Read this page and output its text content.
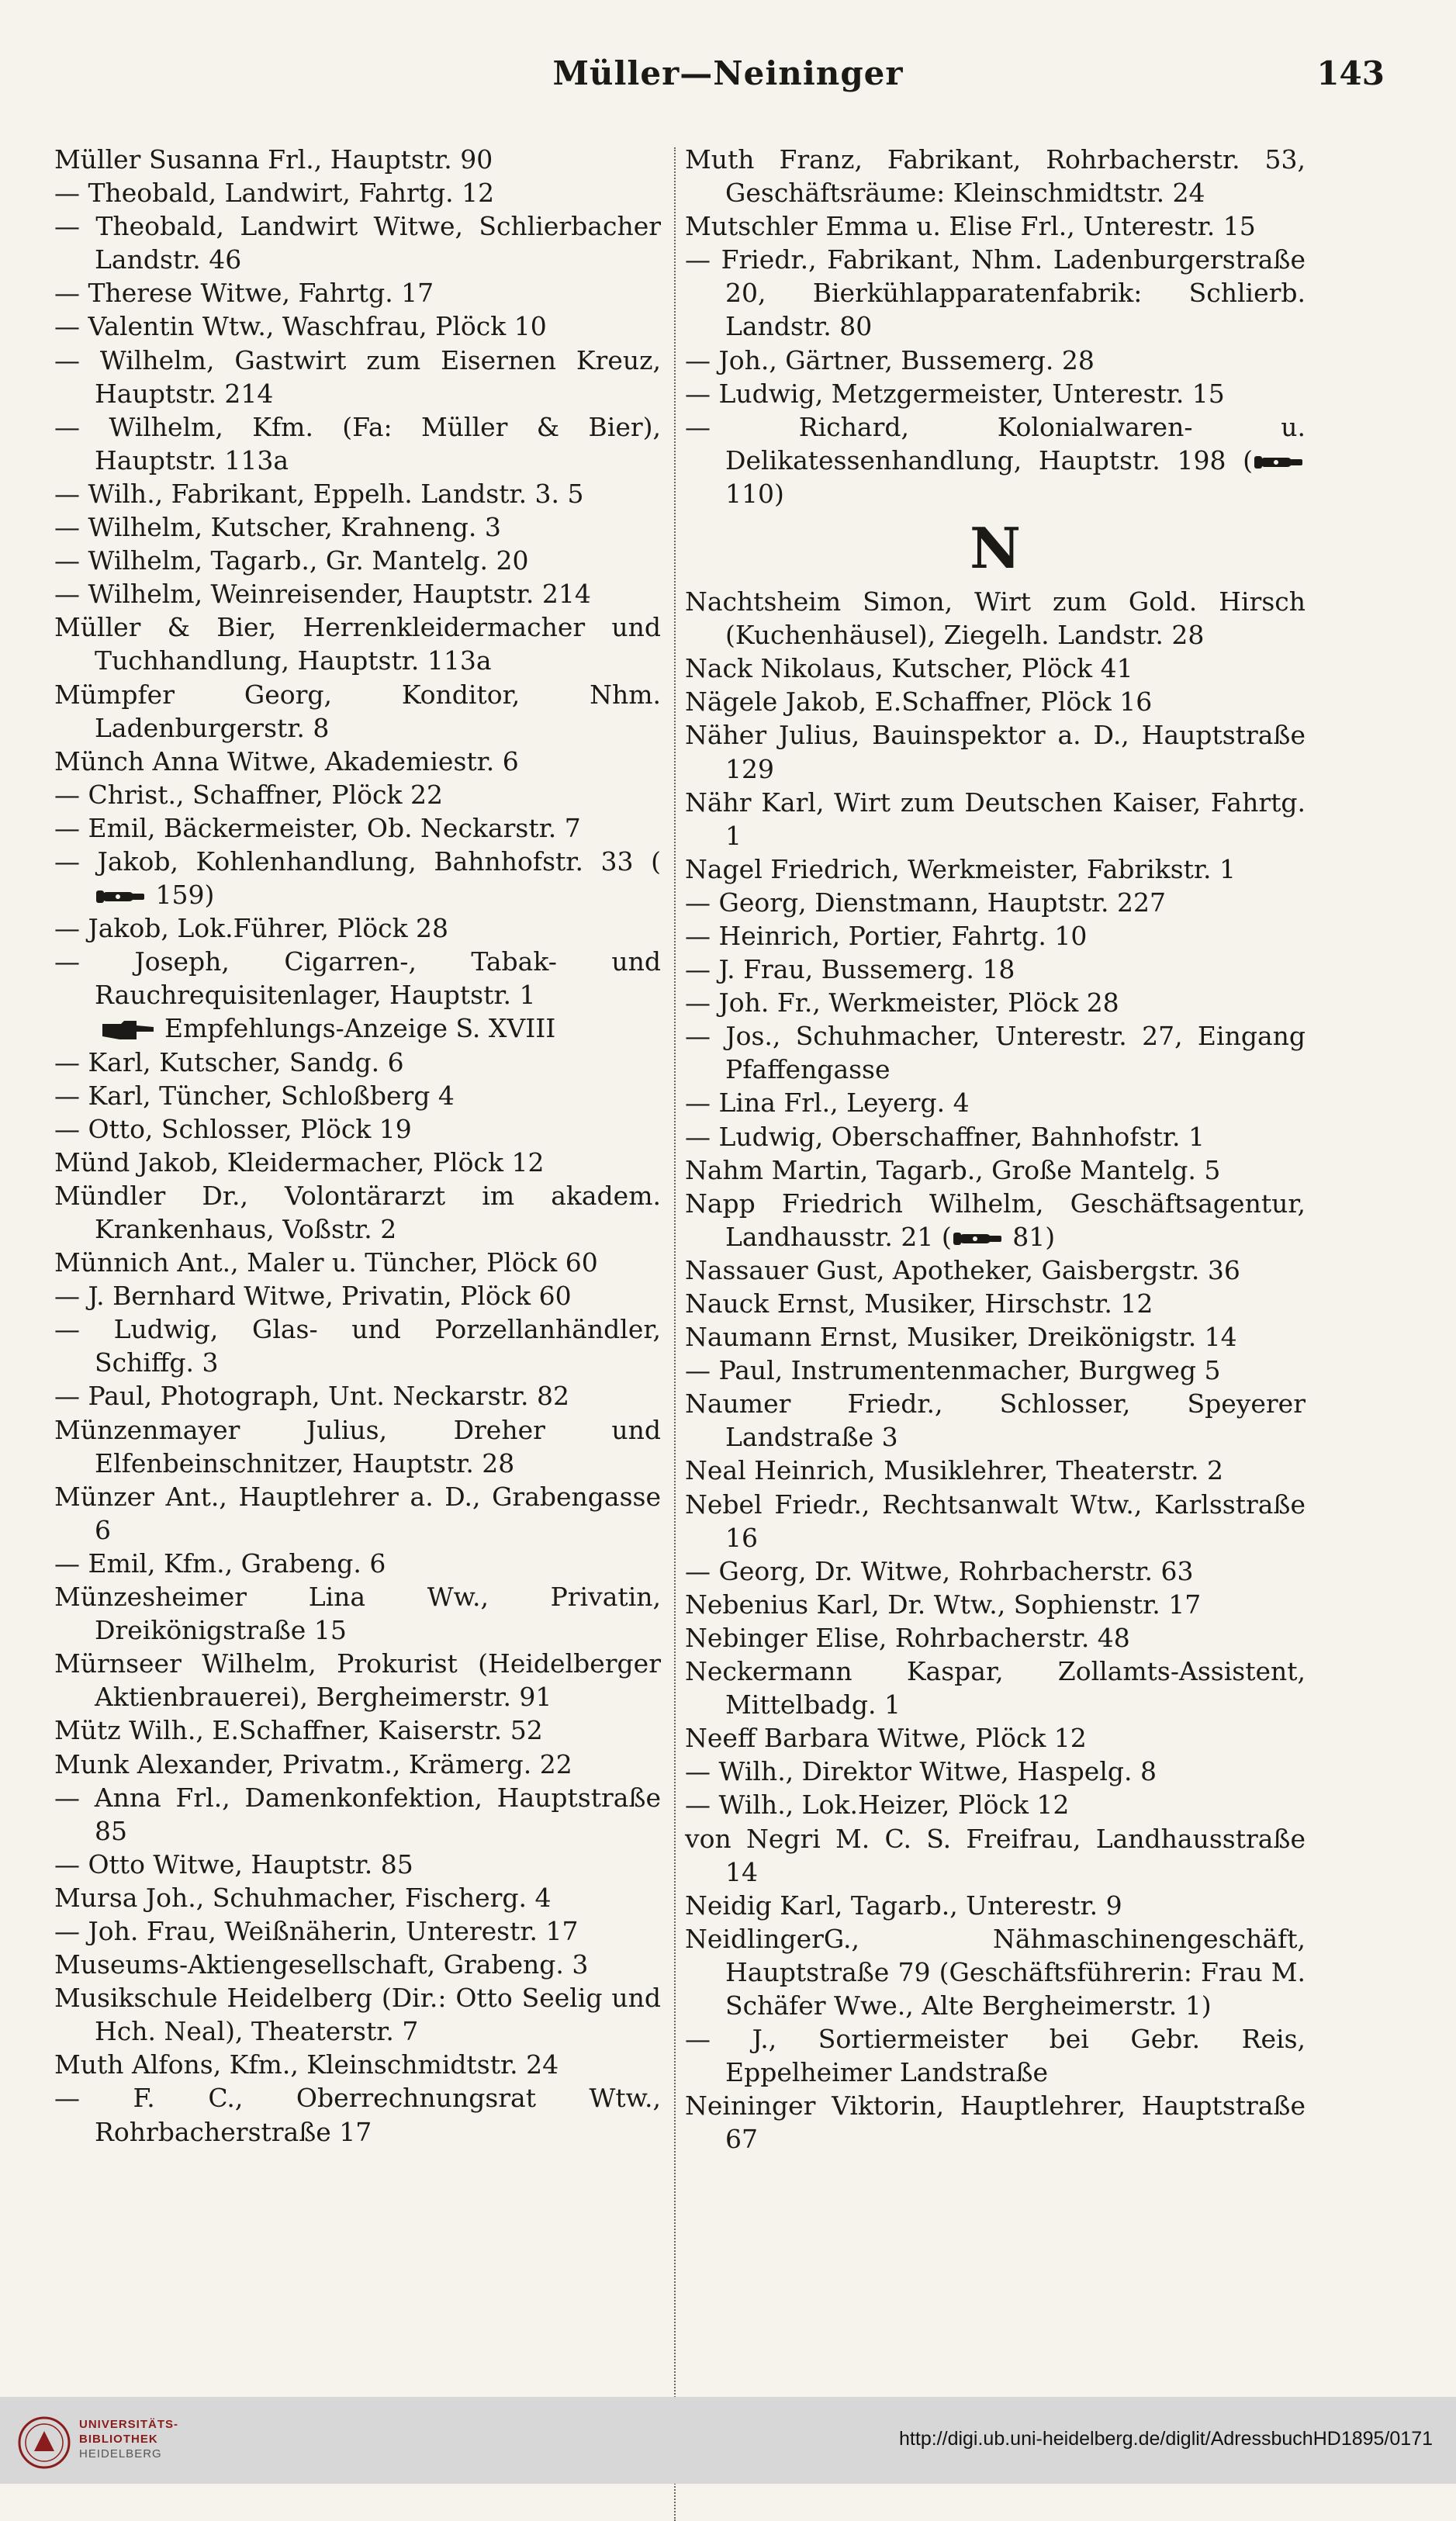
Müller—Neininger	143
Müller Susanna Frl., Hauptstr. 90
— Theobald, Landwirt, Fahrtg. 12
— Theobald, Landwirt Witwe, Schlierbacher Landstr. 46
— Therese Witwe, Fahrtg. 17
— Valentin Wtw., Waschfrau, Plöck 10
— Wilhelm, Gastwirt zum Eisernen Kreuz, Hauptstr. 214
— Wilhelm, Kfm. (Fa: Müller & Bier), Hauptstr. 113a
— Wilh., Fabrikant, Eppelh. Landstr. 3. 5
— Wilhelm, Kutscher, Krahneng. 3
— Wilhelm, Tagarb., Gr. Mantelg. 20
— Wilhelm, Weinreisender, Hauptstr. 214
Müller & Bier, Herrenkleidermacher und Tuchhandlung, Hauptstr. 113a
Mümpfer Georg, Konditor, Nhm. Ladenburgerstr. 8
Münch Anna Witwe, Akademiestr. 6
— Christ., Schaffner, Plöck 22
— Emil, Bäckermeister, Ob. Neckarstr. 7
— Jakob, Kohlenhandlung, Bahnhofstr. 33 ( 159)
— Jakob, Lok.Führer, Plöck 28
— Joseph, Cigarren-, Tabak- und Rauchrequisitenlager, Hauptstr. 1
Empfehlungs-Anzeige S. XVIII
— Karl, Kutscher, Sandg. 6
— Karl, Tüncher, Schloßberg 4
— Otto, Schlosser, Plöck 19
Münd Jakob, Kleidermacher, Plöck 12
Mündler Dr., Volontärarzt im akadem. Krankenhaus, Voßstr. 2
Münnich Ant., Maler u. Tüncher, Plöck 60
— J. Bernhard Witwe, Privatin, Plöck 60
— Ludwig, Glas- und Porzellanhändler, Schiffg. 3
— Paul, Photograph, Unt. Neckarstr. 82
Münzenmayer Julius, Dreher und Elfenbeinschnitzer, Hauptstr. 28
Münzer Ant., Hauptlehrer a. D., Grabengasse 6
— Emil, Kfm., Grabeng. 6
Münzesheimer Lina Ww., Privatin, Dreikönigstraße 15
Mürnseer Wilhelm, Prokurist (Heidelberger Aktienbrauerei), Bergheimerstr. 91
Mütz Wilh., E.Schaffner, Kaiserstr. 52
Munk Alexander, Privatm., Krämerg. 22
— Anna Frl., Damenkonfektion, Hauptstraße 85
— Otto Witwe, Hauptstr. 85
Mursa Joh., Schuhmacher, Fischerg. 4
— Joh. Frau, Weißnäherin, Unterestr. 17
Museums-Aktiengesellschaft, Grabeng. 3
Musikschule Heidelberg (Dir.: Otto Seelig und Hch. Neal), Theaterstr. 7
Muth Alfons, Kfm., Kleinschmidtstr. 24
— F. C., Oberrechnungsrat Wtw., Rohrbacherstraße 17
Muth Franz, Fabrikant, Rohrbacherstr. 53, Geschäftsräume: Kleinschmidtstr. 24
Mutschler Emma u. Elise Frl., Unterestr. 15
— Friedr., Fabrikant, Nhm. Ladenburgerstraße 20, Bierkühlapparatenfabrik: Schlierb. Landstr. 80
— Joh., Gärtner, Bussemerg. 28
— Ludwig, Metzgermeister, Unterestr. 15
— Richard, Kolonialwaren- u. Delikatessenhandlung, Hauptstr. 198 ( 110)
N
Nachtsheim Simon, Wirt zum Gold. Hirsch (Kuchenhäusel), Ziegelh. Landstr. 28
Nack Nikolaus, Kutscher, Plöck 41
Nägele Jakob, E.Schaffner, Plöck 16
Näher Julius, Bauinspektor a. D., Hauptstraße 129
Nähr Karl, Wirt zum Deutschen Kaiser, Fahrtg. 1
Nagel Friedrich, Werkmeister, Fabrikstr. 1
— Georg, Dienstmann, Hauptstr. 227
— Heinrich, Portier, Fahrtg. 10
— J. Frau, Bussemerg. 18
— Joh. Fr., Werkmeister, Plöck 28
— Jos., Schuhmacher, Unterestr. 27, Eingang Pfaffengasse
— Lina Frl., Leyerg. 4
— Ludwig, Oberschaffner, Bahnhofstr. 1
Nahm Martin, Tagarb., Große Mantelg. 5
Napp Friedrich Wilhelm, Geschäftsagentur, Landhausstr. 21 ( 81)
Nassauer Gust, Apotheker, Gaisbergstr. 36
Nauck Ernst, Musiker, Hirschstr. 12
Naumann Ernst, Musiker, Dreikönigstr. 14
— Paul, Instrumentenmacher, Burgweg 5
Naumer Friedr., Schlosser, Speyerer Landstraße 3
Neal Heinrich, Musiklehrer, Theaterstr. 2
Nebel Friedr., Rechtsanwalt Wtw., Karlsstraße 16
— Georg, Dr. Witwe, Rohrbacherstr. 63
Nebenius Karl, Dr. Wtw., Sophienstr. 17
Nebinger Elise, Rohrbacherstr. 48
Neckermann Kaspar, Zollamts-Assistent, Mittelbadg. 1
Neeff Barbara Witwe, Plöck 12
— Wilh., Direktor Witwe, Haspelg. 8
— Wilh., Lok.Heizer, Plöck 12
von Negri M. C. S. Freifrau, Landhausstraße 14
Neidig Karl, Tagarb., Unterestr. 9
NeidlingerG., Nähmaschinengeschäft, Hauptstraße 79 (Geschäftsführerin: Frau M. Schäfer Wwe., Alte Bergheimerstr. 1)
— J., Sortiermeister bei Gebr. Reis, Eppelheimer Landstraße
Neininger Viktorin, Hauptlehrer, Hauptstraße 67

UNIVERSITÄTS-
BIBLIOTHEK
HEIDELBERG

http://digi.ub.uni-heidelberg.de/diglit/AdressbuchHD1895/0171
